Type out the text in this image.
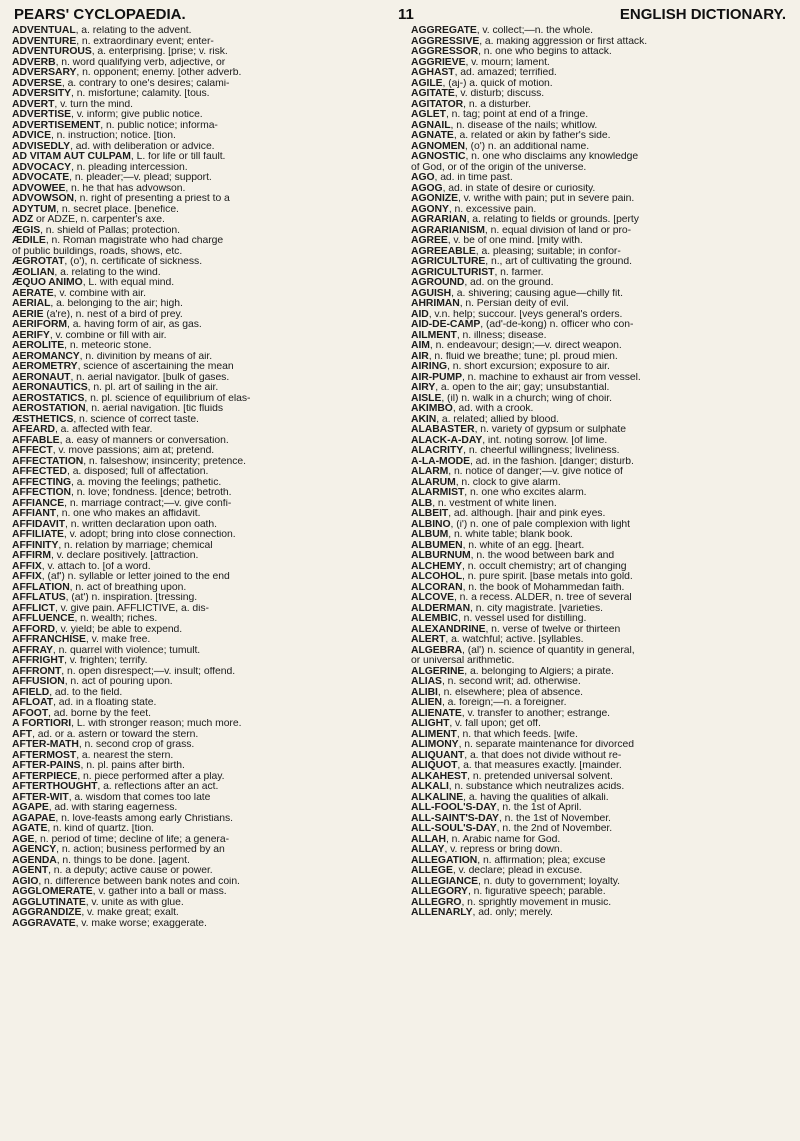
PEARS' CYCLOPAEDIA.	11	ENGLISH DICTIONARY.
ADVENTUAL, a. relating to the advent.
ADVENTURE, n. extraordinary event; enter-
ADVENTUROUS, a. enterprising. [prise; v. risk.
ADVERB, n. word qualifying verb, adjective, or
ADVERSARY, n. opponent; enemy. [other adverb.
ADVERSE, a. contrary to one's desires; calami-
ADVERSITY, n. misfortune; calamity. [tous.
ADVERT, v. turn the mind.
ADVERTISE, v. inform; give public notice.
ADVERTISEMENT, n. public notice; informa-
ADVICE, n. instruction; notice. [tion.
ADVISEDLY, ad. with deliberation or advice.
AD VITAM AUT CULPAM, L. for life or till fault.
ADVOCACY, n. pleading intercession.
ADVOCATE, n. pleader;—v. plead; support.
ADVOWEE, n. he that has advowson.
ADVOWSON, n. right of presenting a priest to a
ADYTUM, n. secret place. [benefice.
ADZ or ADZE, n. carpenter's axe.
ÆGIS, n. shield of Pallas; protection.
ÆDILE, n. Roman magistrate who had charge
of public buildings, roads, shows, etc.
ÆGROTAT, (o'), n. certificate of sickness.
ÆOLIAN, a. relating to the wind.
ÆQUO ANIMO, L. with equal mind.
AERATE, v. combine with air.
AERIAL, a. belonging to the air; high.
AERIE (a're), n. nest of a bird of prey.
AERIFORM, a. having form of air, as gas.
AERIFY, v. combine or fill with air.
AEROLITE, n. meteoric stone.
AEROMANCY, n. divinition by means of air.
AEROMETRY, science of ascertaining the mean
AERONAUT, n. aerial navigator. [bulk of gases.
AERONAUTICS, n. pl. art of sailing in the air.
AEROSTATICS, n. pl. science of equilibrium of elas-
AEROSTATION, n. aerial navigation. [tic fluids
ÆSTHETICS, n. science of correct taste.
AFEARD, a. affected with fear.
AFFABLE, a. easy of manners or conversation.
AFFECT, v. move passions; aim at; pretend.
AFFECTATION, n. falseshow; insincerity; pretence.
AFFECTED, a. disposed; full of affectation.
AFFECTING, a. moving the feelings; pathetic.
AFFECTION, n. love; fondness. [dence; betroth.
AFFIANCE, n. marriage contract;—v. give confi-
AFFIANT, n. one who makes an affidavit.
AFFIDAVIT, n. written declaration upon oath.
AFFILIATE, v. adopt; bring into close connection.
AFFINITY, n. relation by marriage; chemical
AFFIRM, v. declare positively. [attraction.
AFFIX, v. attach to. [of a word.
AFFIX, (af') n. syllable or letter joined to the end
AFFLATION, n. act of breathing upon.
AFFLATUS, (at') n. inspiration. [tressing.
AFFLICT, v. give pain. AFFLICTIVE, a. dis-
AFFLUENCE, n. wealth; riches.
AFFORD, v. yield; be able to expend.
AFFRANCHISE, v. make free.
AFFRAY, n. quarrel with violence; tumult.
AFFRIGHT, v. frighten; terrify.
AFFRONT, n. open disrespect;—v. insult; offend.
AFFUSION, n. act of pouring upon.
AFIELD, ad. to the field.
AFLOAT, ad. in a floating state.
AFOOT, ad. borne by the feet.
A FORTIORI, L. with stronger reason; much more.
AFT, ad. or a. astern or toward the stern.
AFTER-MATH, n. second crop of grass.
AFTERMOST, a. nearest the stern.
AFTER-PAINS, n. pl. pains after birth.
AFTERPIECE, n. piece performed after a play.
AFTERTHOUGHT, a. reflections after an act.
AFTER-WIT, a. wisdom that comes too late
AGAPE, ad. with staring eagerness.
AGAPAE, n. love-feasts among early Christians.
AGATE, n. kind of quartz. [tion.
AGE, n. period of time; decline of life; a genera-
AGENCY, n. action; business performed by an
AGENDA, n. things to be done. [agent.
AGENT, n. a deputy; active cause or power.
AGIO, n. difference between bank notes and coin.
AGGLOMERATE, v. gather into a ball or mass.
AGGLUTINATE, v. unite as with glue.
AGGRANDIZE, v. make great; exalt.
AGGRAVATE, v. make worse; exaggerate.
AGGREGATE, v. collect;—n. the whole.
AGGRESSIVE, a. making aggression or first attack.
AGGRESSOR, n. one who begins to attack.
AGGRIEVE, v. mourn; lament.
AGHAST, ad. amazed; terrified.
AGILE, (aj-) a. quick of motion.
AGITATE, v. disturb; discuss.
AGITATOR, n. a disturber.
AGLET, n. tag; point at end of a fringe.
AGNAIL, n. disease of the nails; whitlow.
AGNATE, a. related or akin by father's side.
AGNOMEN, (o') n. an additional name.
AGNOSTIC, n. one who disclaims any knowledge
of God, or of the origin of the universe.
AGO, ad. in time past.
AGOG, ad. in state of desire or curiosity.
AGONIZE, v. writhe with pain; put in severe pain.
AGONY, n. excessive pain.
AGRARIAN, a. relating to fields or grounds. [perty
AGRARIANISM, n. equal division of land or pro-
AGREE, v. be of one mind. [mity with.
AGREEABLE, a. pleasing; suitable; in confor-
AGRICULTURE, n., art of cultivating the ground.
AGRICULTURIST, n. farmer.
AGROUND, ad. on the ground.
AGUISH, a. shivering; causing ague—chilly fit.
AHRIMAN, n. Persian deity of evil.
AID, v.n. help; succour. [veys general's orders.
AID-DE-CAMP, (ad'-de-kong) n. officer who con-
AILMENT, n. illness; disease.
AIM, n. endeavour; design;—v. direct weapon.
AIR, n. fluid we breathe; tune; pl. proud mien.
AIRING, n. short excursion; exposure to air.
AIR-PUMP, n. machine to exhaust air from vessel.
AIRY, a. open to the air; gay; unsubstantial.
AISLE, (il) n. walk in a church; wing of choir.
AKIMBO, ad. with a crook.
AKIN, a. related; allied by blood.
ALABASTER, n. variety of gypsum or sulphate
ALACK-A-DAY, int. noting sorrow. [of lime.
ALACRITY, n. cheerful willingness; liveliness.
A-LA-MODE, ad. in the fashion. [danger; disturb.
ALARM, n. notice of danger;—v. give notice of
ALARUM, n. clock to give alarm.
ALARMIST, n. one who excites alarm.
ALB, n. vestment of white linen.
ALBEIT, ad. although. [hair and pink eyes.
ALBINO, (i') n. one of pale complexion with light
ALBUM, n. white table; blank book.
ALBUMEN, n. white of an egg. [heart.
ALBURNUM, n. the wood between bark and
ALCHEMY, n. occult chemistry; art of changing
ALCOHOL, n. pure spirit. [base metals into gold.
ALCORAN, n. the book of Mohammedan faith.
ALCOVE, n. a recess. ALDER, n. tree of several
ALDERMAN, n. city magistrate. [varieties.
ALEMBIC, n. vessel used for distilling.
ALEXANDRINE, n. verse of twelve or thirteen
ALERT, a. watchful; active. [syllables.
ALGEBRA, (al') n. science of quantity in general,
or universal arithmetic.
ALGERINE, a. belonging to Algiers; a pirate.
ALIAS, n. second writ; ad. otherwise.
ALIBI, n. elsewhere; plea of absence.
ALIEN, a. foreign;—n. a foreigner.
ALIENATE, v. transfer to another; estrange.
ALIGHT, v. fall upon; get off.
ALIMENT, n. that which feeds. [wife.
ALIMONY, n. separate maintenance for divorced
ALIQUANT, a. that does not divide without re-
ALIQUOT, a. that measures exactly. [mainder.
ALKAHEST, n. pretended universal solvent.
ALKALI, n. substance which neutralizes acids.
ALKALINE, a. having the qualities of alkali.
ALL-FOOL'S-DAY, n. the 1st of April.
ALL-SAINT'S-DAY, n. the 1st of November.
ALL-SOUL'S-DAY, n. the 2nd of November.
ALLAH, n. Arabic name for God.
ALLAY, v. repress or bring down.
ALLEGATION, n. affirmation; plea; excuse
ALLEGE, v. declare; plead in excuse.
ALLEGIANCE, n. duty to government; loyalty.
ALLEGORY, n. figurative speech; parable.
ALLEGRO, n. sprightly movement in music.
ALLENARLY, ad. only; merely.
